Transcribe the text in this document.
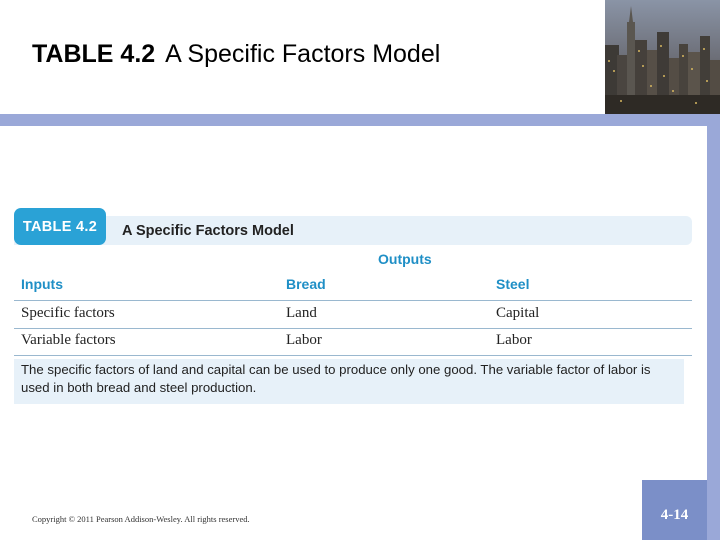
TABLE 4.2 A Specific Factors Model
TABLE 4.2	A Specific Factors Model
Outputs
Inputs	Bread	Steel
Specific factors	Land	Capital
Variable factors	Labor	Labor
The specific factors of land and capital can be used to produce only one good. The variable factor of labor is used in both bread and steel production.
Copyright © 2011 Pearson Addison-Wesley. All rights reserved.	4-14
